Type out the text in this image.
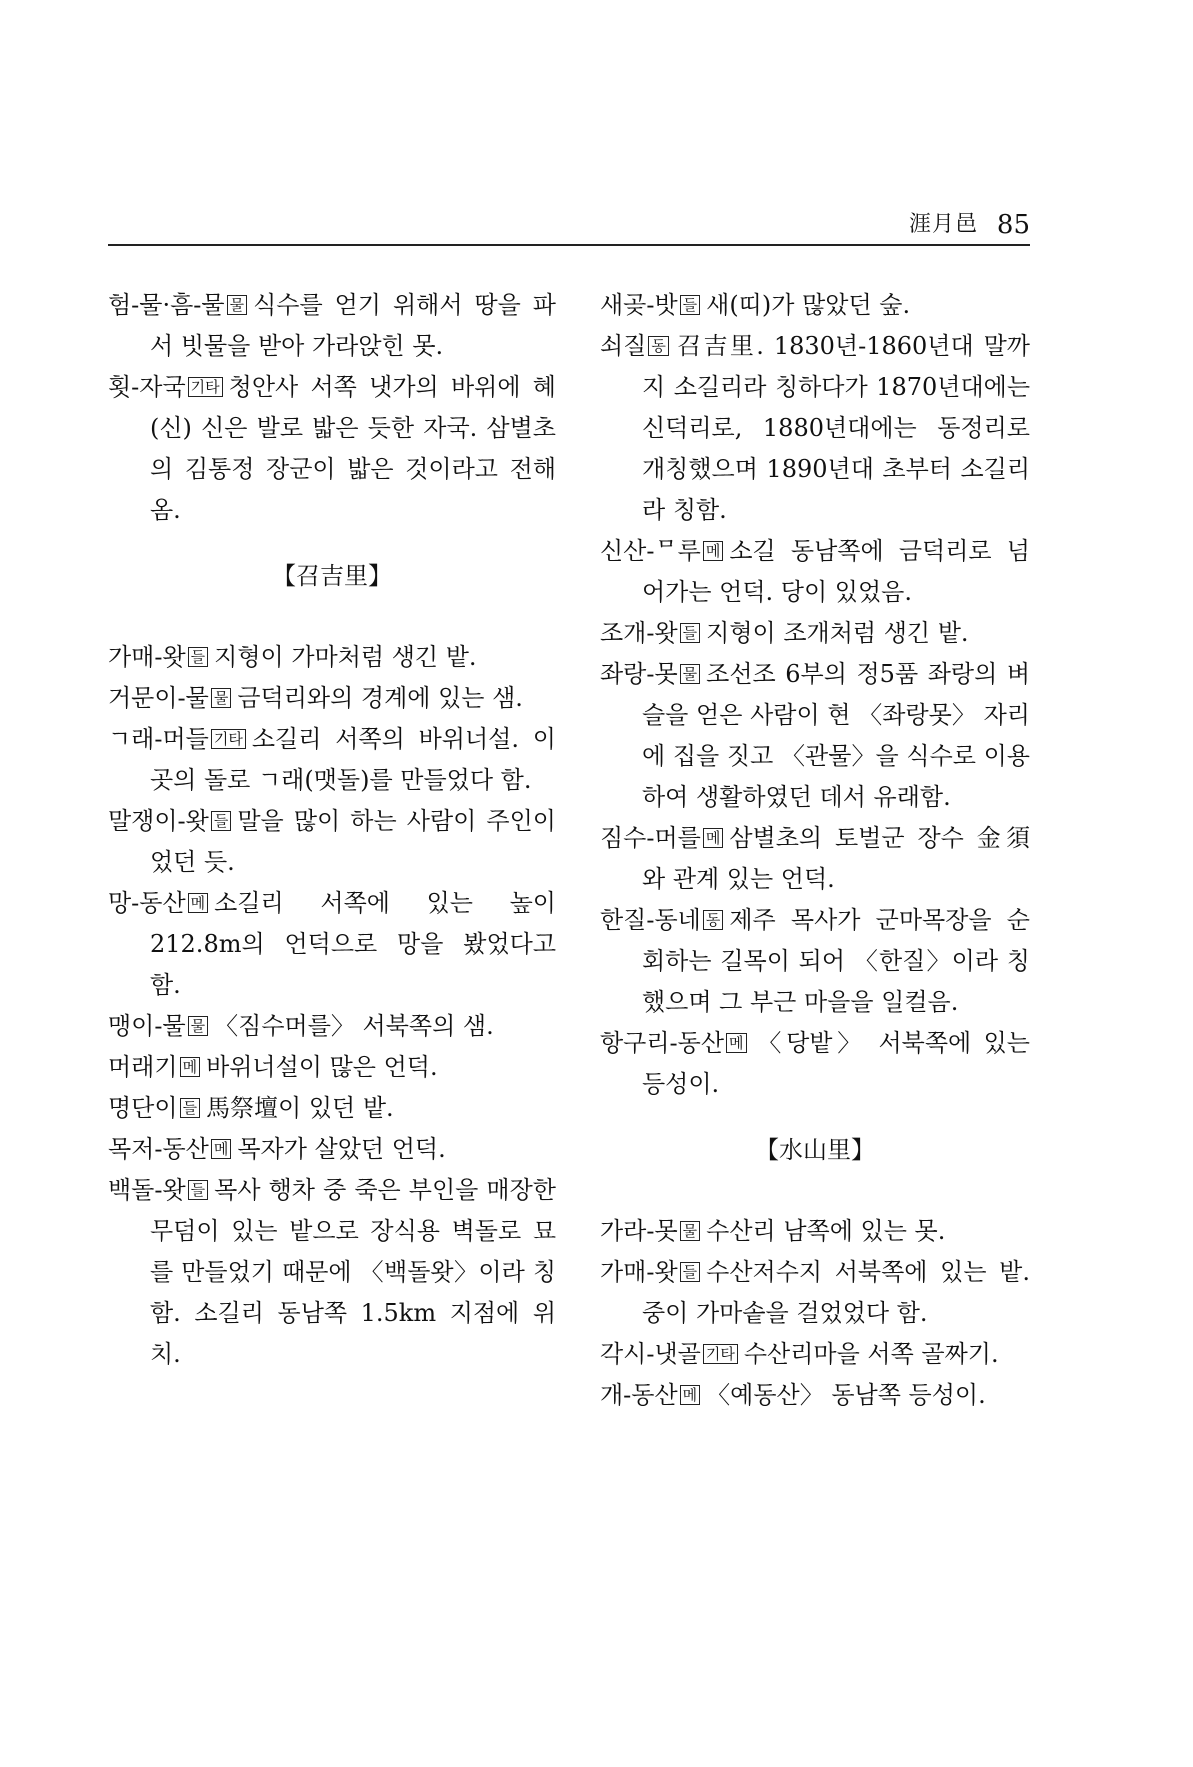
涯月邑 85

험-물·흠-물 물 식수를 얻기 위해서 땅을 파서 빗물을 받아 가라앉힌 못.

횟-자국 기타 청안사 서쪽 냇가의 바위에 혜(신) 신은 발로 밟은 듯한 자국. 삼별초의 김통정 장군이 밟은 것이라고 전해 옴.

【召吉里】

가매-왓 들 지형이 가마처럼 생긴 밭.

거문이-물 물 금덕리와의 경계에 있는 샘.

ㄱ래-머들 기타 소길리 서쪽의 바위너설. 이곳의 돌로 ㄱ래(맷돌)를 만들었다 함.

말쟁이-왓 들 말을 많이 하는 사람이 주인이었던 듯.

망-동산 메 소길리 서쪽에 있는 높이 212.8m의 언덕으로 망을 봤었다고 함.

맹이-물 물 〈짐수머를〉 서북쪽의 샘.

머래기 메 바위너설이 많은 언덕.

명단이 들 馬祭壇이 있던 밭.

목저-동산 메 목자가 살았던 언덕.

백돌-왓 들 목사 행차 중 죽은 부인을 매장한 무덤이 있는 밭으로 장식용 벽돌로 묘를 만들었기 때문에 〈백돌왓〉이라 칭함. 소길리 동남쪽 1.5km 지점에 위치.

새곶-밧 들 새(띠)가 많았던 숲.

쇠질 동 召吉里. 1830년-1860년대 말까지 소길리라 칭하다가 1870년대에는 신덕리로, 1880년대에는 동정리로 개칭했으며 1890년대 초부터 소길리라 칭함.

신산-ᄆ루 메 소길 동남쪽에 금덕리로 넘어가는 언덕. 당이 있었음.

조개-왓 들 지형이 조개처럼 생긴 밭.

좌랑-못 물 조선조 6부의 정5품 좌랑의 벼슬을 얻은 사람이 현 〈좌랑못〉 자리에 집을 짓고 〈관물〉을 식수로 이용하여 생활하였던 데서 유래함.

짐수-머를 메 삼별초의 토벌군 장수 金須와 관계 있는 언덕.

한질-동네 동 제주 목사가 군마목장을 순회하는 길목이 되어 〈한질〉이라 칭했으며 그 부근 마을을 일컬음.

항구리-동산 메 〈당밭〉 서북쪽에 있는 등성이.

【水山里】

가라-못 물 수산리 남쪽에 있는 못.

가매-왓 들 수산저수지 서북쪽에 있는 밭. 중이 가마솥을 걸었었다 함.

각시-냇골 기타 수산리마을 서쪽 골짜기.

개-동산 메 〈예동산〉 동남쪽 등성이.
